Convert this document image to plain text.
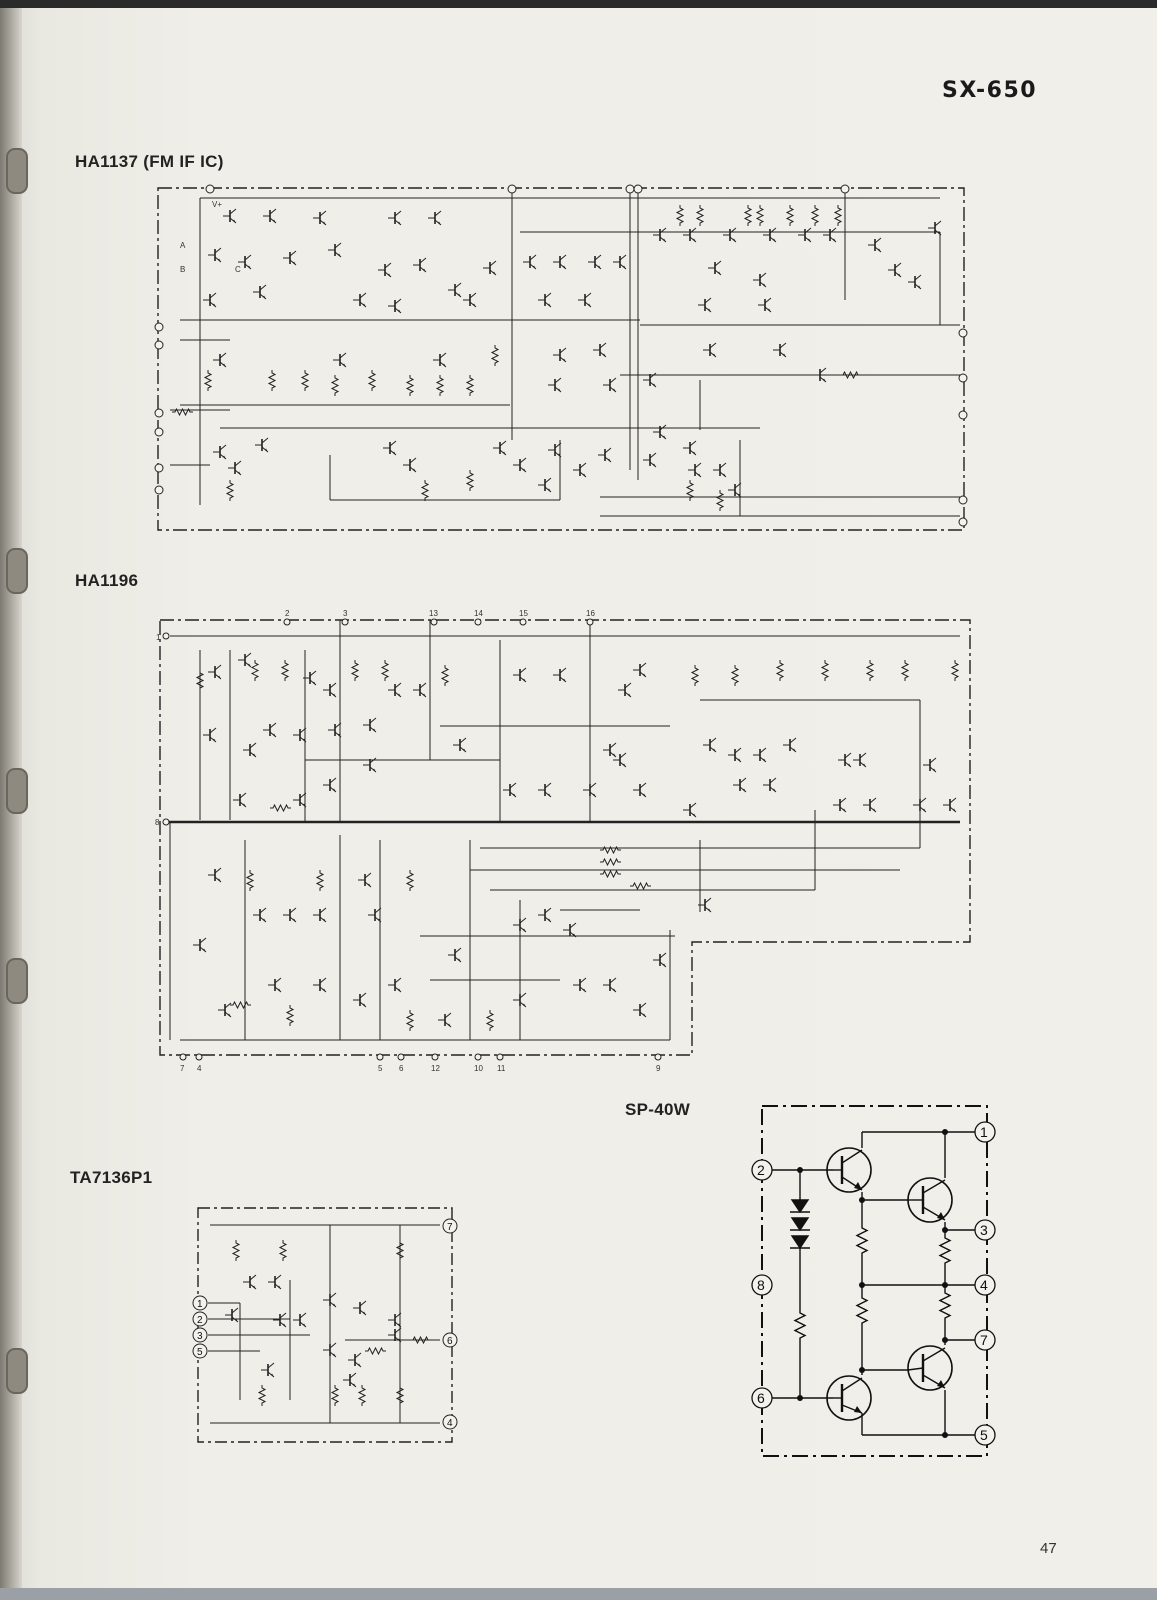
SX-650
HA1137 (FM IF IC)
HA1196
SP-40W
TA7136P1
47
V+
A
B	C
1
2	3	13	14	15	16
8
7 4	5 6	12	10 11	9
1
2
3
4
5
6
7
8
1
2
3
5
4
6
7
